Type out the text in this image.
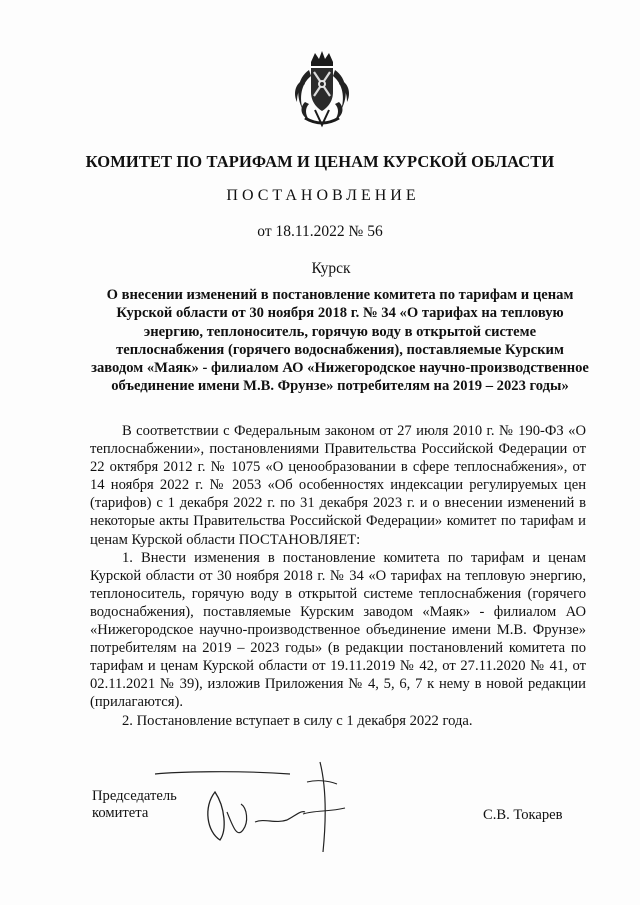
КОМИТЕТ ПО ТАРИФАМ И ЦЕНАМ КУРСКОЙ ОБЛАСТИ
ПОСТАНОВЛЕНИЕ
от 18.11.2022 № 56
Курск
О внесении изменений в постановление комитета по тарифам и ценам Курской области от 30 ноября 2018 г. № 34 «О тарифах на тепловую энергию, теплоноситель, горячую воду в открытой системе теплоснабжения (горячего водоснабжения), поставляемые Курским заводом «Маяк» - филиалом АО «Нижегородское научно-производственное объединение имени М.В. Фрунзе» потребителям на 2019 – 2023 годы»

В соответствии с Федеральным законом от 27 июля 2010 г. № 190-ФЗ «О теплоснабжении», постановлениями Правительства Российской Федерации от 22 октября 2012 г. № 1075 «О ценообразовании в сфере теплоснабжения», от 14 ноября 2022 г. № 2053 «Об особенностях индексации регулируемых цен (тарифов) с 1 декабря 2022 г. по 31 декабря 2023 г. и о внесении изменений в некоторые акты Правительства Российской Федерации» комитет по тарифам и ценам Курской области ПОСТАНОВЛЯЕТ:

1. Внести изменения в постановление комитета по тарифам и ценам Курской области от 30 ноября 2018 г. № 34 «О тарифах на тепловую энергию, теплоноситель, горячую воду в открытой системе теплоснабжения (горячего водоснабжения), поставляемые Курским заводом «Маяк» - филиалом АО «Нижегородское научно-производственное объединение имени М.В. Фрунзе» потребителям на 2019 – 2023 годы» (в редакции постановлений комитета по тарифам и ценам Курской области от 19.11.2019 № 42, от 27.11.2020 № 41, от 02.11.2021 № 39), изложив Приложения № 4, 5, 6, 7 к нему в новой редакции (прилагаются).

2. Постановление вступает в силу с 1 декабря 2022 года.

Председатель
комитета	С.В. Токарев
